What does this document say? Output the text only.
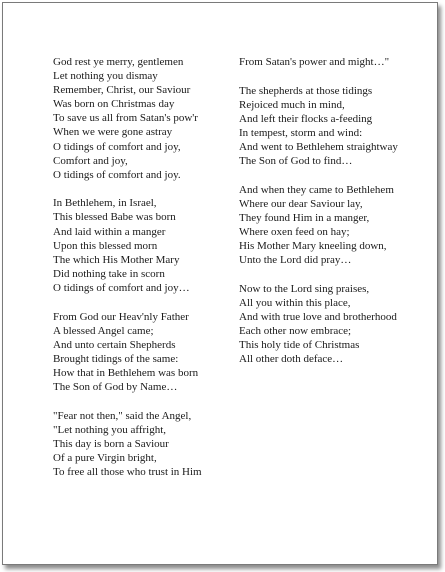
God rest ye merry, gentlemen
Let nothing you dismay
Remember, Christ, our Saviour
Was born on Christmas day
To save us all from Satan's pow'r
When we were gone astray
O tidings of comfort and joy,
Comfort and joy,
O tidings of comfort and joy.
In Bethlehem, in Israel,
This blessed Babe was born
And laid within a manger
Upon this blessed morn
The which His Mother Mary
Did nothing take in scorn
O tidings of comfort and joy…
From God our Heav'nly Father
A blessed Angel came;
And unto certain Shepherds
Brought tidings of the same:
How that in Bethlehem was born
The Son of God by Name…
"Fear not then," said the Angel,
"Let nothing you affright,
This day is born a Saviour
Of a pure Virgin bright,
To free all those who trust in Him
From Satan's power and might…"
The shepherds at those tidings
Rejoiced much in mind,
And left their flocks a-feeding
In tempest, storm and wind:
And went to Bethlehem straightway
The Son of God to find…
And when they came to Bethlehem
Where our dear Saviour lay,
They found Him in a manger,
Where oxen feed on hay;
His Mother Mary kneeling down,
Unto the Lord did pray…
Now to the Lord sing praises,
All you within this place,
And with true love and brotherhood
Each other now embrace;
This holy tide of Christmas
All other doth deface…
